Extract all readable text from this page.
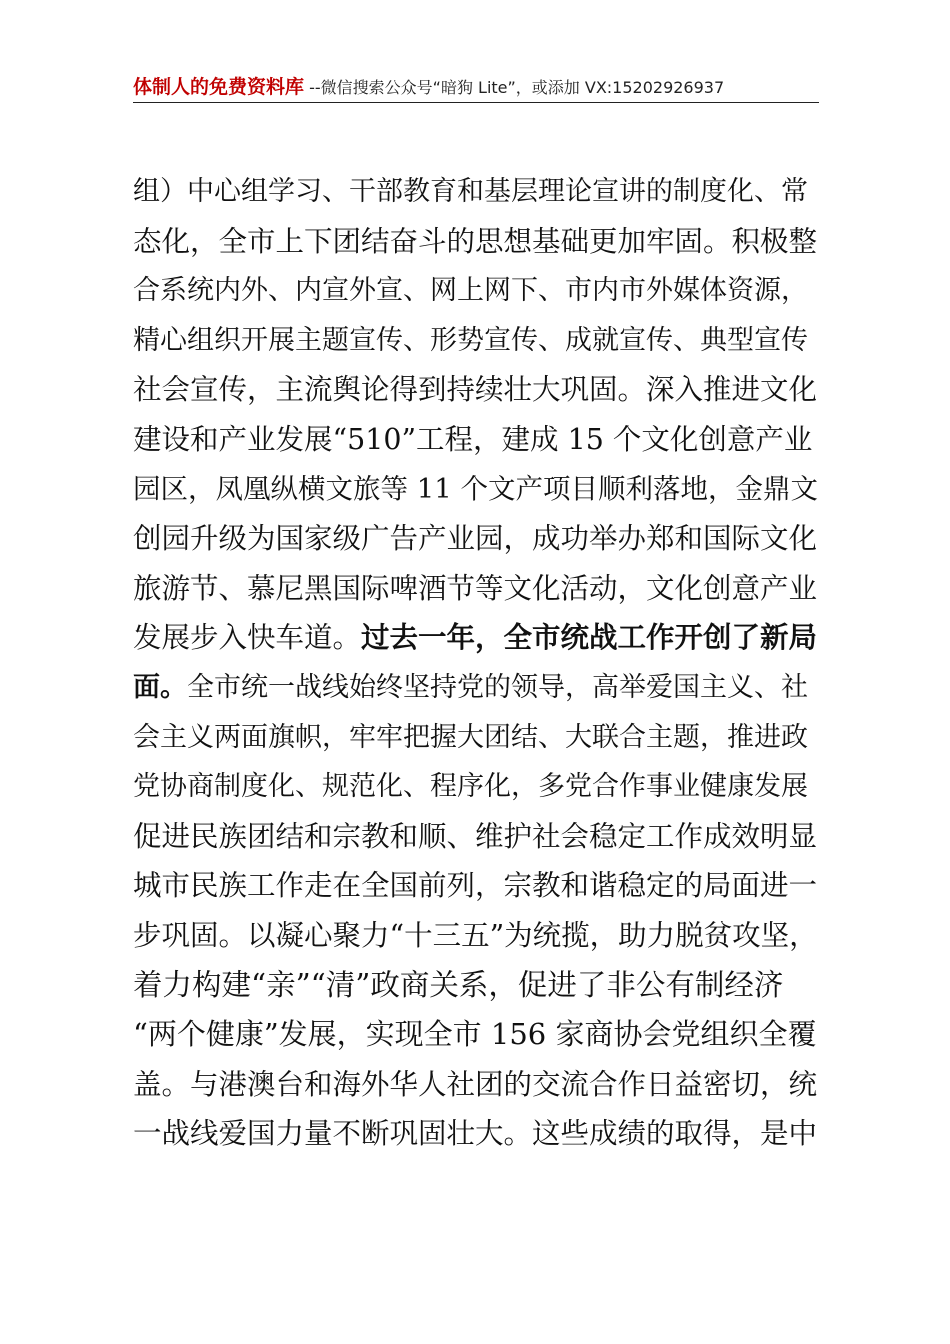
体制人的免费资料库 --微信搜索公众号“暗狗 Lite”，或添加 VX:15202926937
组）中心组学习、干部教育和基层理论宣讲的制度化、常
态化，全市上下团结奋斗的思想基础更加牢固。积极整
合系统内外、内宣外宣、网上网下、市内市外媒体资源，
精心组织开展主题宣传、形势宣传、成就宣传、典型宣传
社会宣传，主流舆论得到持续壮大巩固。深入推进文化
建设和产业发展“510”工程，建成 15 个文化创意产业
园区，凤凰纵横文旅等 11 个文产项目顺利落地，金鼎文
创园升级为国家级广告产业园，成功举办郑和国际文化
旅游节、慕尼黑国际啤酒节等文化活动，文化创意产业
发展步入快车道。 过去一年，全市统战工作开创了新局
面。 全市统一战线始终坚持党的领导，高举爱国主义、社
会主义两面旗帜，牢牢把握大团结、大联合主题，推进政
党协商制度化、规范化、程序化，多党合作事业健康发展
促进民族团结和宗教和顺、维护社会稳定工作成效明显
城市民族工作走在全国前列，宗教和谐稳定的局面进一
步巩固。以凝心聚力“十三五”为统揽，助力脱贫攻坚，
着力构建“亲”“清”政商关系，促进了非公有制经济
“两个健康”发展，实现全市 156 家商协会党组织全覆
盖。与港澳台和海外华人社团的交流合作日益密切，统
一战线爱国力量不断巩固壮大。这些成绩的取得，是中
